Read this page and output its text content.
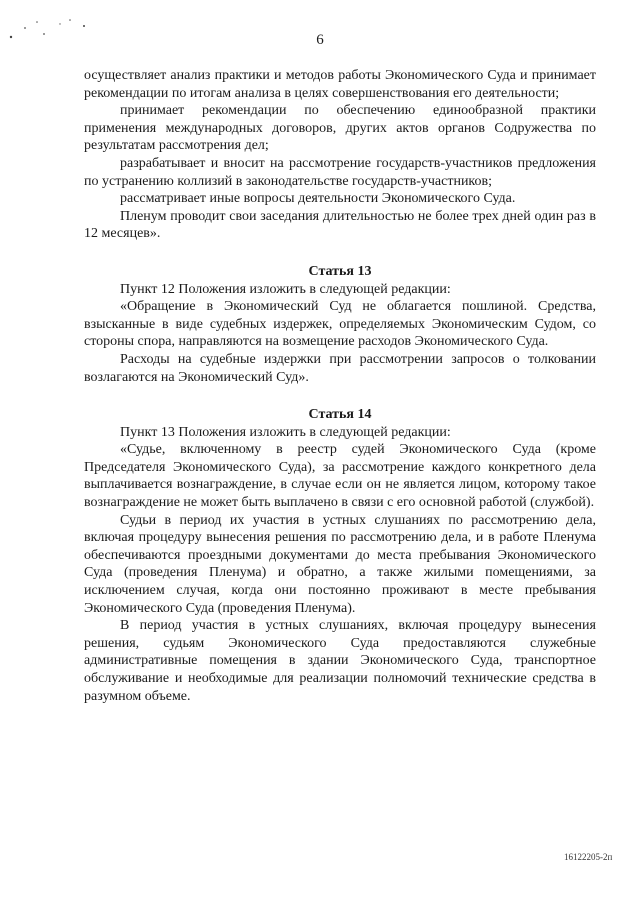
6

осуществляет анализ практики и методов работы Экономического Суда и принимает рекомендации по итогам анализа в целях совершенствования его деятельности;

принимает рекомендации по обеспечению единообразной практики применения международных договоров, других актов органов Содружества по результатам рассмотрения дел;

разрабатывает и вносит на рассмотрение государств-участников предложения по устранению коллизий в законодательстве государств-участников;

рассматривает иные вопросы деятельности Экономического Суда.

Пленум проводит свои заседания длительностью не более трех дней один раз в 12 месяцев».

Статья 13

Пункт 12 Положения изложить в следующей редакции:

«Обращение в Экономический Суд не облагается пошлиной. Средства, взысканные в виде судебных издержек, определяемых Экономическим Судом, со стороны спора, направляются на возмещение расходов Экономического Суда.

Расходы на судебные издержки при рассмотрении запросов о толковании возлагаются на Экономический Суд».

Статья 14

Пункт 13 Положения изложить в следующей редакции:

«Судье, включенному в реестр судей Экономического Суда (кроме Председателя Экономического Суда), за рассмотрение каждого конкретного дела выплачивается вознаграждение, в случае если он не является лицом, которому такое вознаграждение не может быть выплачено в связи с его основной работой (службой).

Судьи в период их участия в устных слушаниях по рассмотрению дела, включая процедуру вынесения решения по рассмотрению дела, и в работе Пленума обеспечиваются проездными документами до места пребывания Экономического Суда (проведения Пленума) и обратно, а также жилыми помещениями, за исключением случая, когда они постоянно проживают в месте пребывания Экономического Суда (проведения Пленума).

В период участия в устных слушаниях, включая процедуру вынесения решения, судьям Экономического Суда предоставляются служебные административные помещения в здании Экономического Суда, транспортное обслуживание и необходимые для реализации полномочий технические средства в разумном объеме.

16122205-2п
